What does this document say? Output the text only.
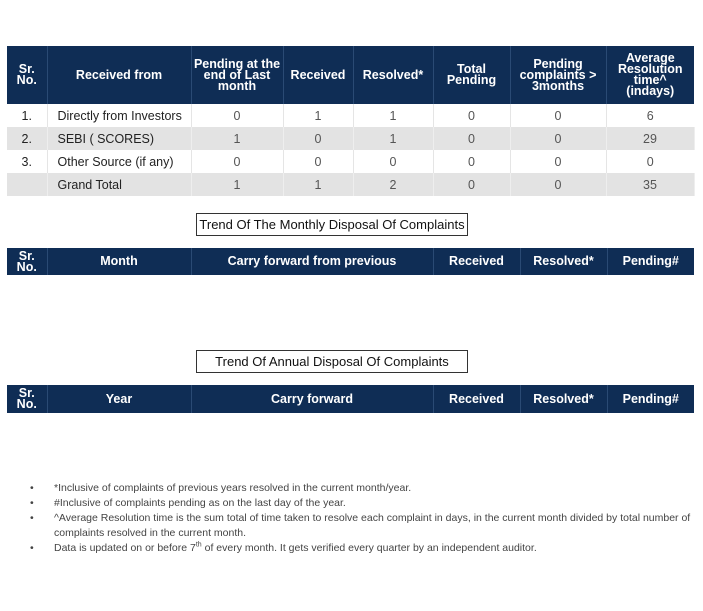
Sr. No.	Received from	Pending at the end of Last month	Received	Resolved*	Total Pending	Pending complaints > 3months	Average Resolution time^ (indays)
1.	Directly from Investors	0	1	1	0	0	6
2.	SEBI ( SCORES)	1	0	1	0	0	29
3.	Other Source (if any)	0	0	0	0	0	0
	Grand Total	1	1	2	0	0	35
Trend Of The Monthly Disposal Of Complaints
Sr. No.	Month	Carry forward from previous	Received	Resolved*	Pending#
Trend Of Annual Disposal Of Complaints
Sr. No.	Year	Carry forward	Received	Resolved*	Pending#
• *Inclusive of complaints of previous years resolved in the current month/year.
• #Inclusive of complaints pending as on the last day of the year.
• ^Average Resolution time is the sum total of time taken to resolve each complaint in days, in the current month divided by total number of complaints resolved in the current month.
• Data is updated on or before 7th of every month. It gets verified every quarter by an independent auditor.
